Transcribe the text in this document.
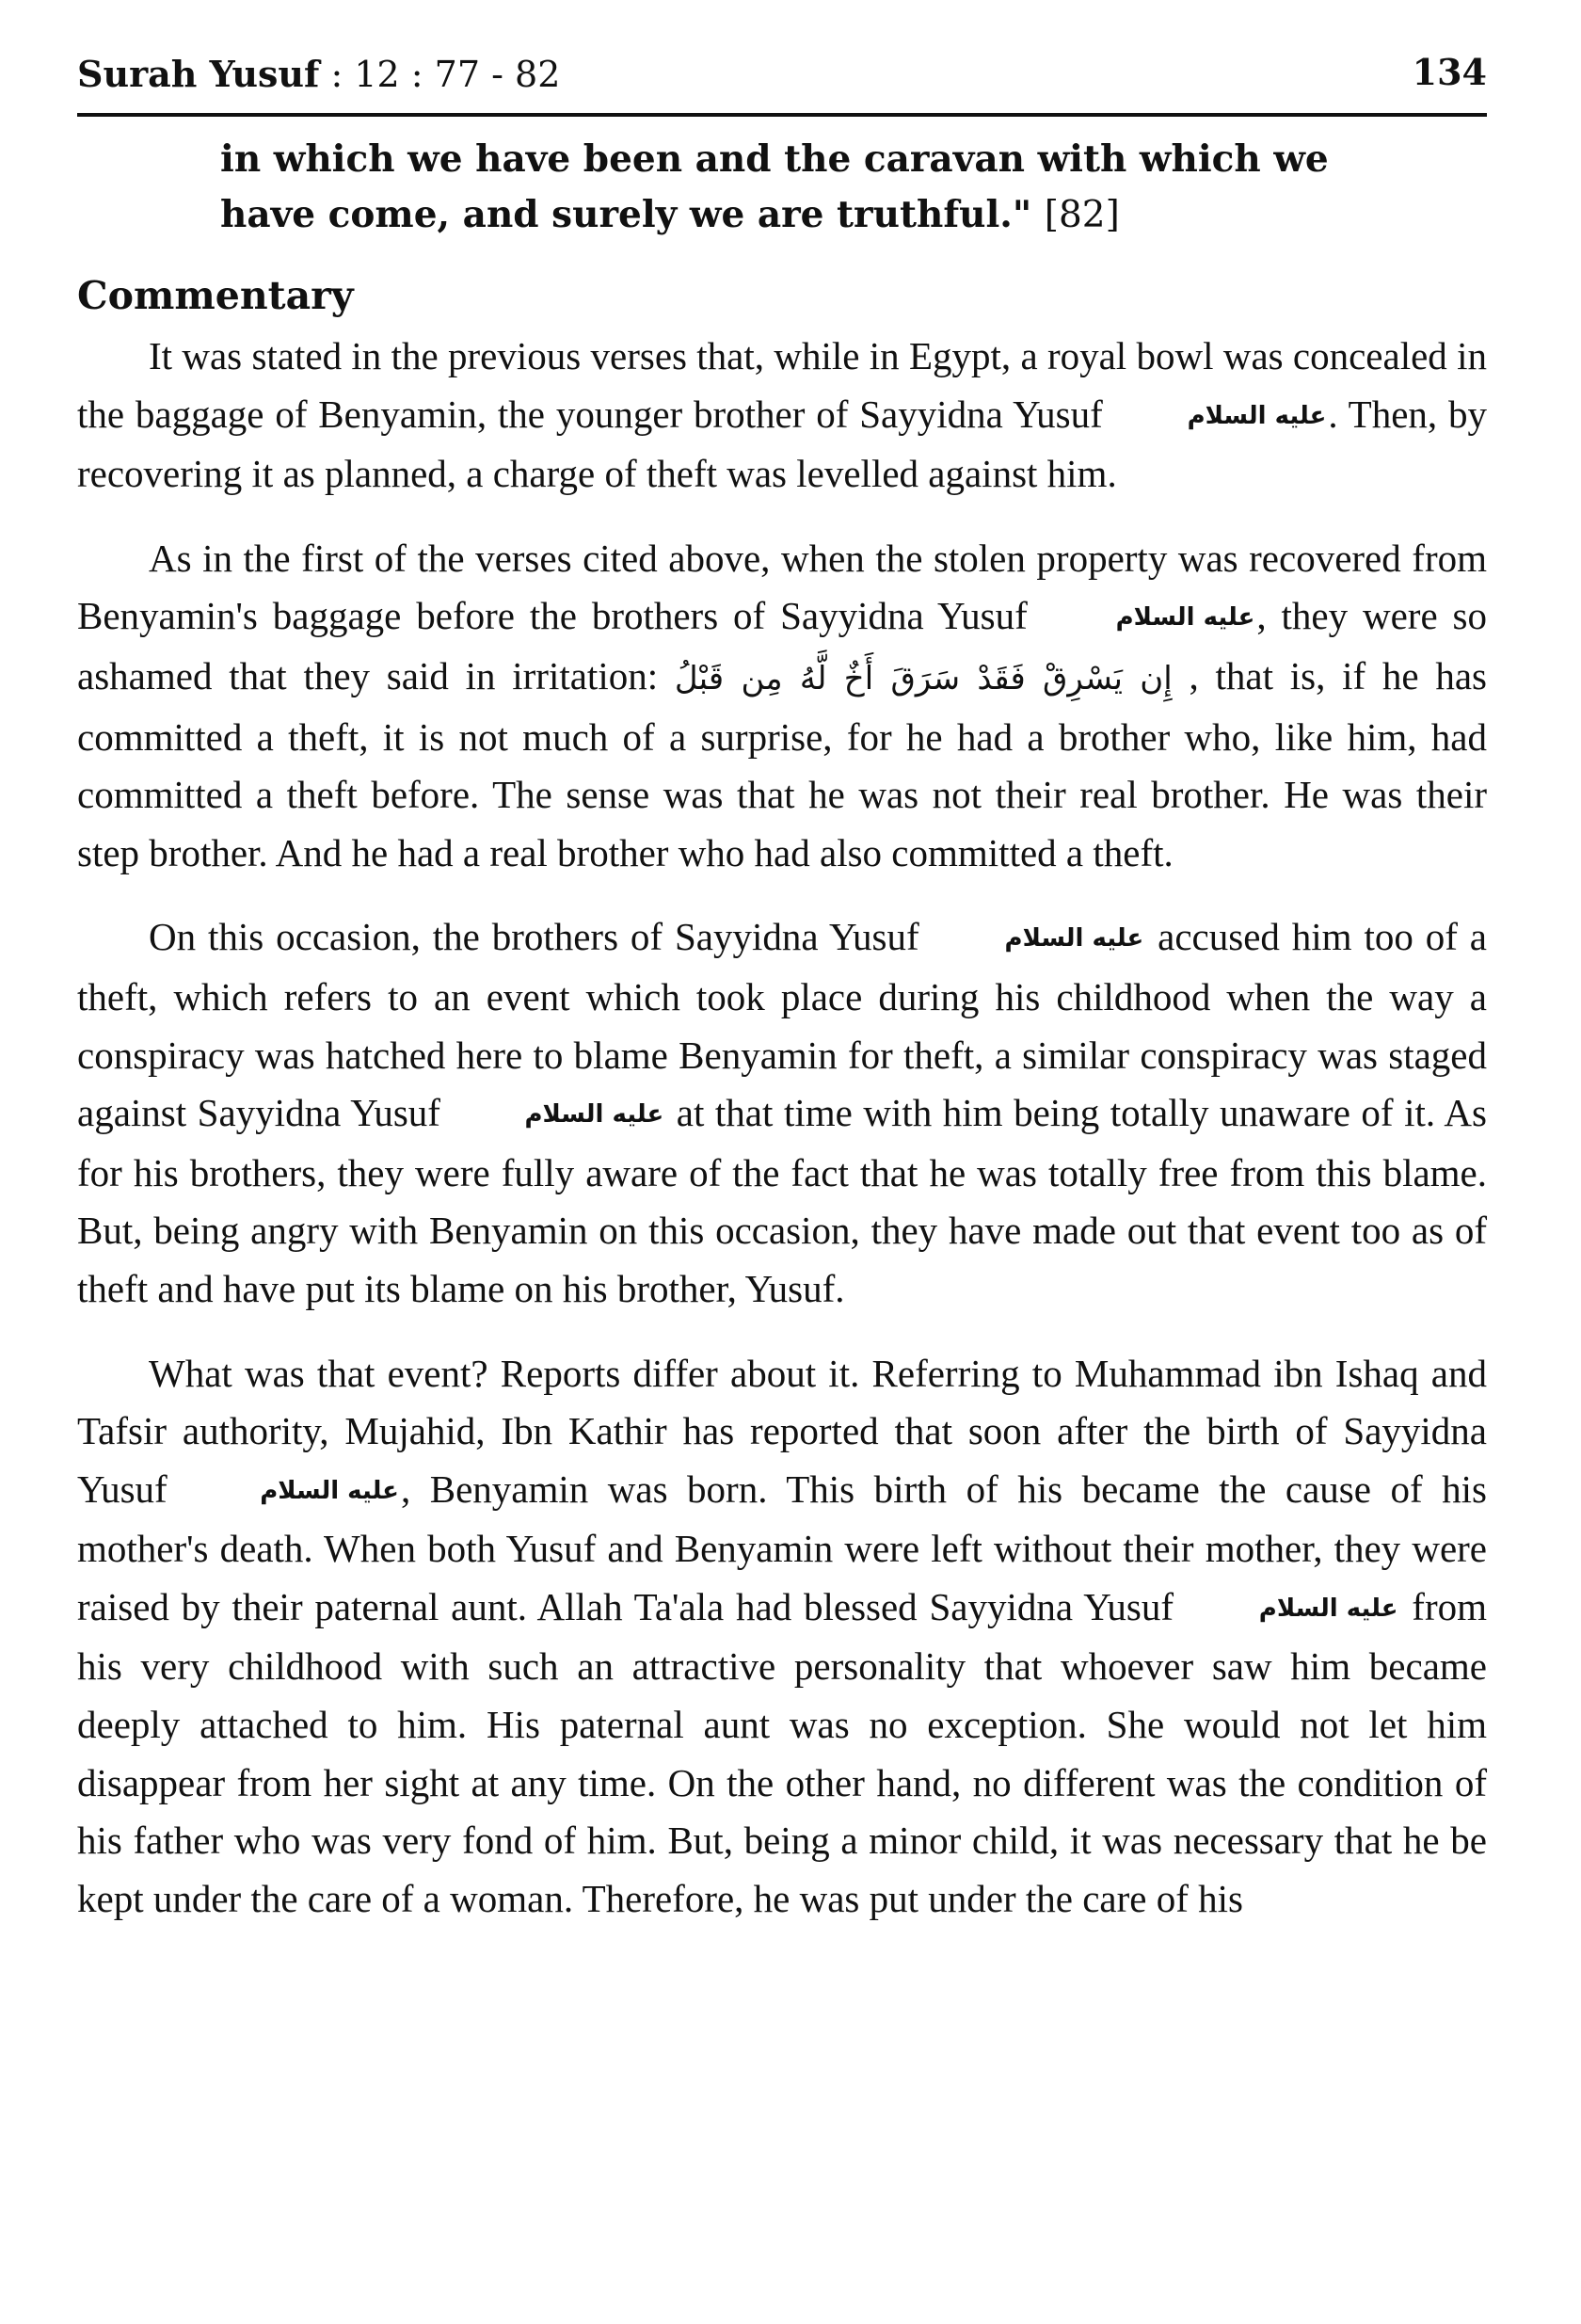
Surah Yusuf : 12 : 77 - 82	134
in which we have been and the caravan with which we have come, and surely we are truthful." [82]
Commentary

It was stated in the previous verses that, while in Egypt, a royal bowl was concealed in the baggage of Benyamin, the younger brother of Sayyidna Yusuf	عليه السلام. Then, by recovering it as planned, a charge of theft was levelled against him.

As in the first of the verses cited above, when the stolen property was recovered from Benyamin's baggage before the brothers of Sayyidna Yusuf	عليه السلام, they were so ashamed that they said in irritation: إِن يَسْرِقْ فَقَدْ سَرَقَ أَخٌ لَّهُ مِن قَبْلُ , that is, if he has committed a theft, it is not much of a surprise, for he had a brother who, like him, had committed a theft before. The sense was that he was not their real brother. He was their step brother. And he had a real brother who had also committed a theft.

On this occasion, the brothers of Sayyidna Yusuf	عليه السلام accused him too of a theft, which refers to an event which took place during his childhood when the way a conspiracy was hatched here to blame Benyamin for theft, a similar conspiracy was staged against Sayyidna Yusuf	عليه السلام at that time with him being totally unaware of it. As for his brothers, they were fully aware of the fact that he was totally free from this blame. But, being angry with Benyamin on this occasion, they have made out that event too as of theft and have put its blame on his brother, Yusuf.

What was that event? Reports differ about it. Referring to Muhammad ibn Ishaq and Tafsir authority, Mujahid, Ibn Kathir has reported that soon after the birth of Sayyidna Yusuf	عليه السلام, Benyamin was born. This birth of his became the cause of his mother's death. When both Yusuf and Benyamin were left without their mother, they were raised by their paternal aunt. Allah Ta'ala had blessed Sayyidna Yusuf	عليه السلام from his very childhood with such an attractive personality that whoever saw him became deeply attached to him. His paternal aunt was no exception. She would not let him disappear from her sight at any time. On the other hand, no different was the condition of his father who was very fond of him. But, being a minor child, it was necessary that he be kept under the care of a woman. Therefore, he was put under the care of his
